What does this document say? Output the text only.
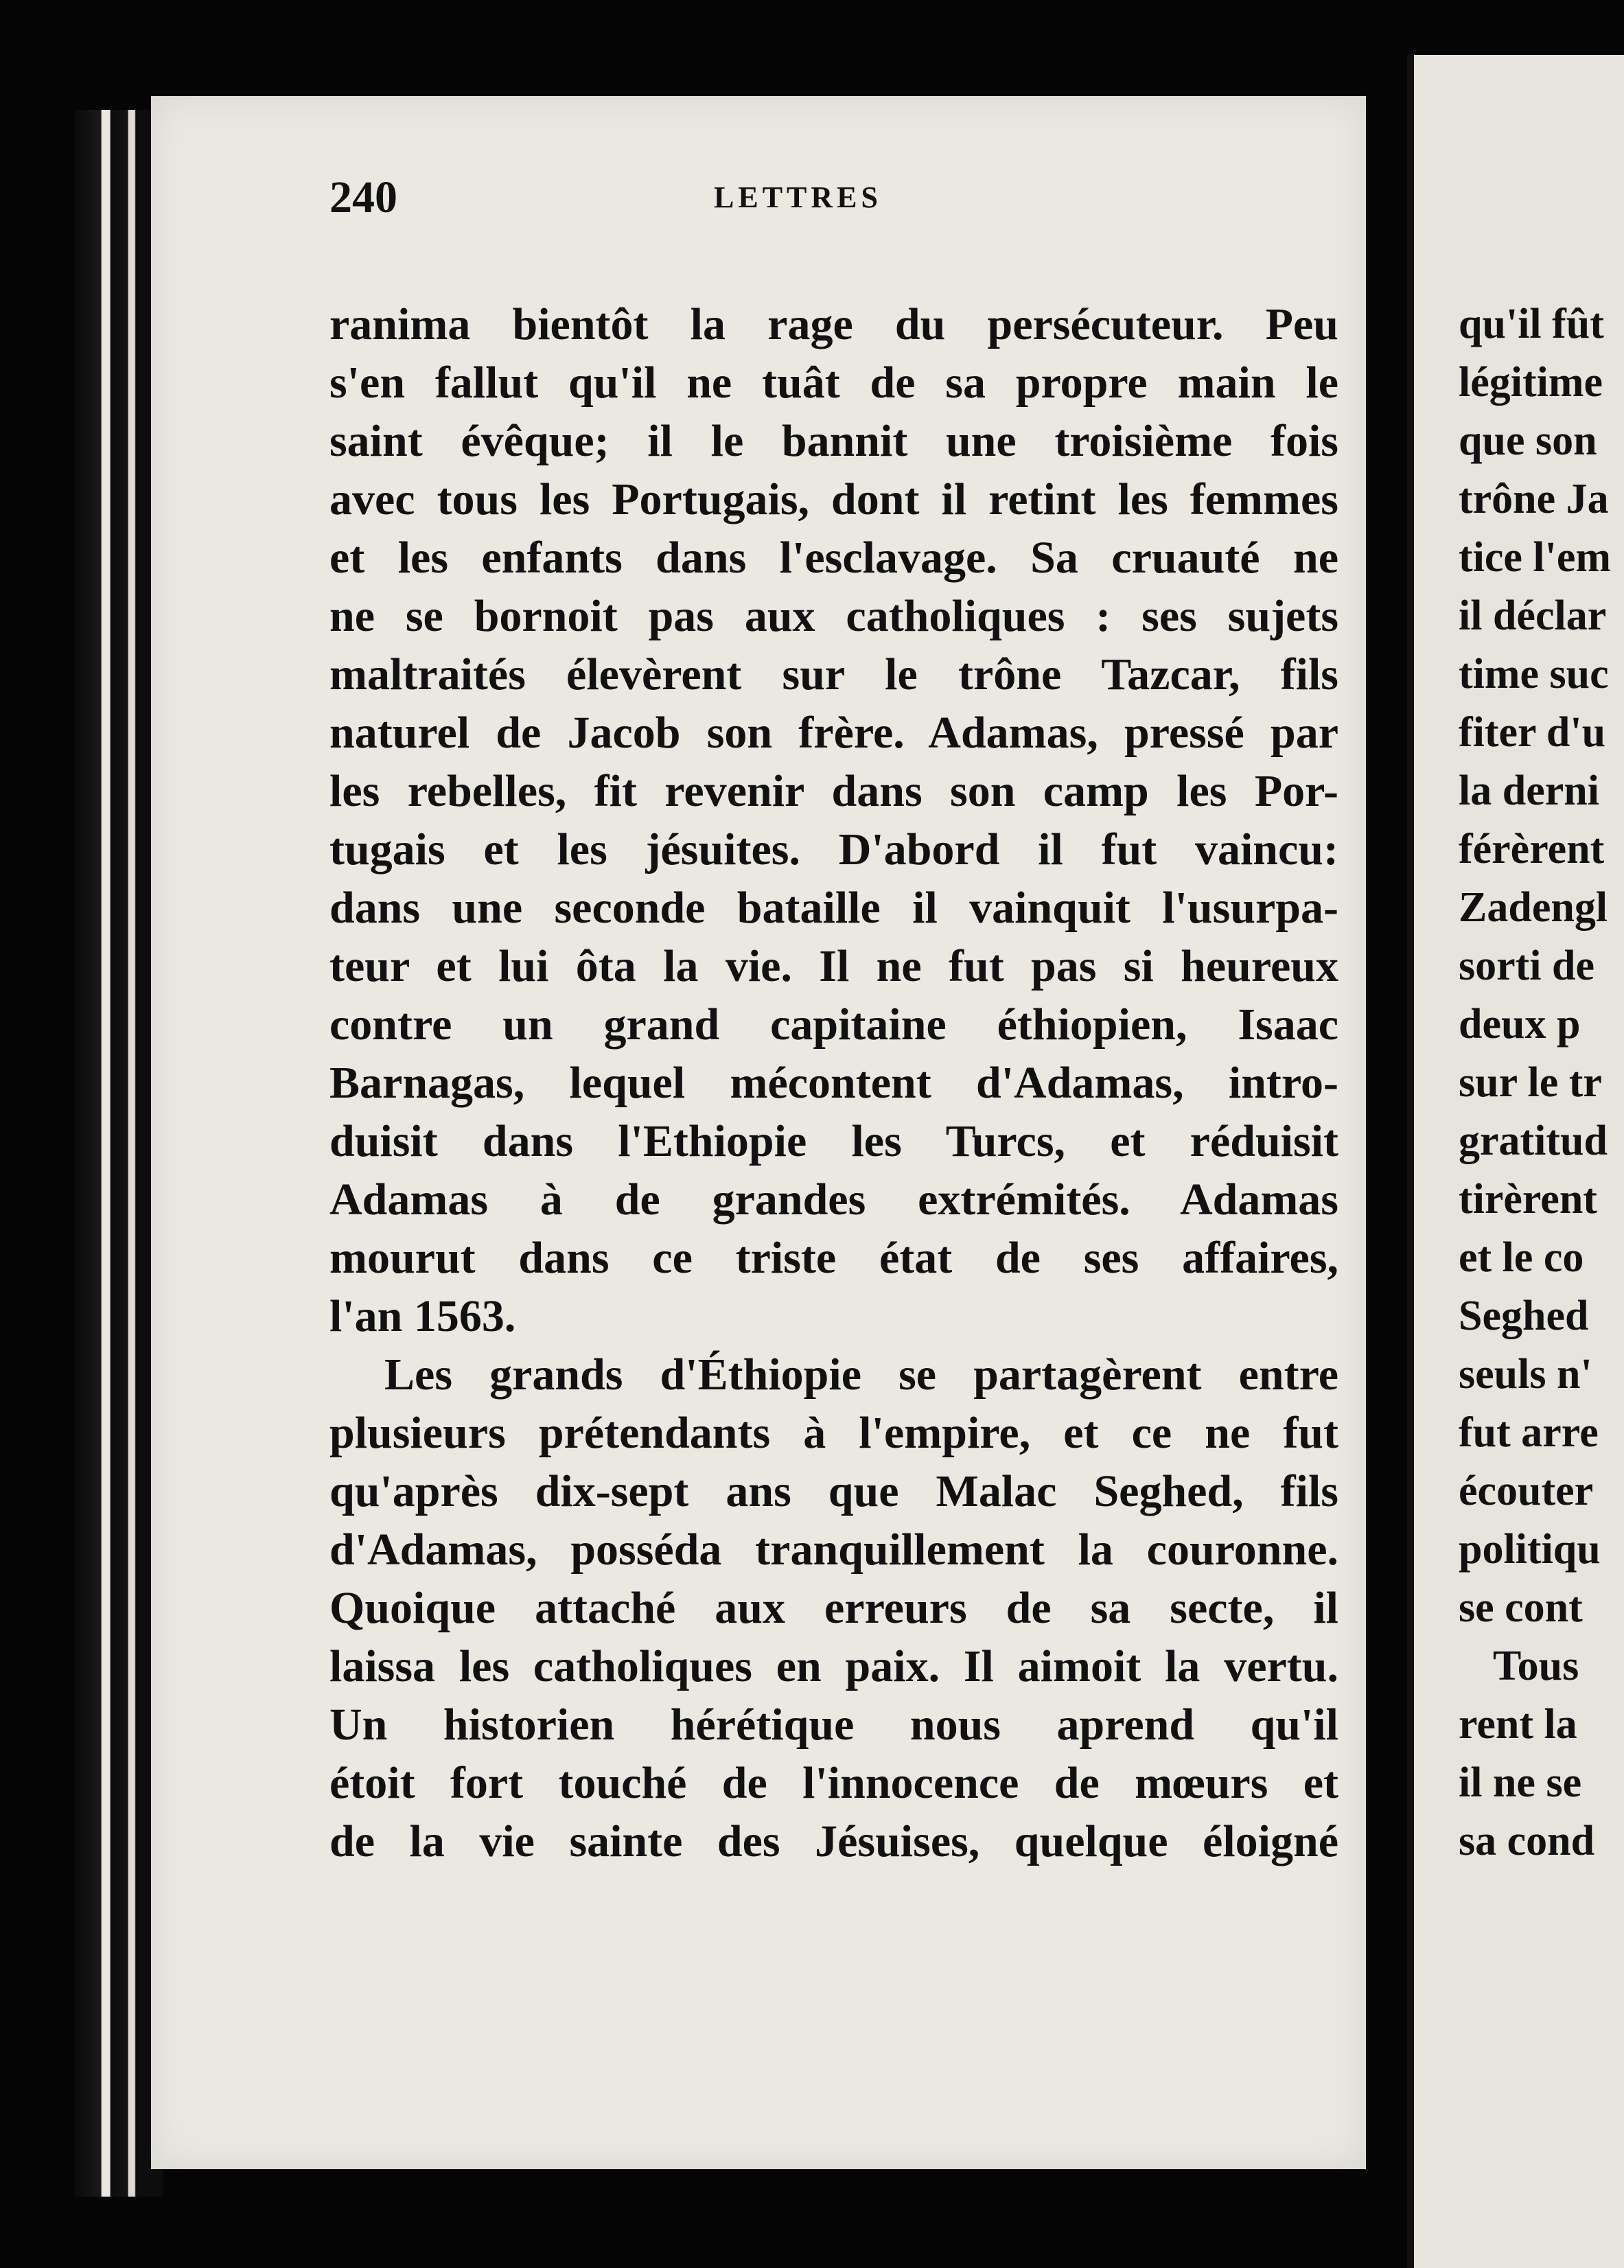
240	LETTRES
ranima bientôt la rage du persécuteur. Peu
s'en fallut qu'il ne tuât de sa propre main le
saint évêque; il le bannit une troisième fois
avec tous les Portugais, dont il retint les femmes
et les enfants dans l'esclavage. Sa cruauté ne
ne se bornoit pas aux catholiques : ses sujets
maltraités élevèrent sur le trône Tazcar, fils
naturel de Jacob son frère. Adamas, pressé par
les rebelles, fit revenir dans son camp les Por-
tugais et les jésuites. D'abord il fut vaincu:
dans une seconde bataille il vainquit l'usurpa-
teur et lui ôta la vie. Il ne fut pas si heureux
contre un grand capitaine éthiopien, Isaac
Barnagas, lequel mécontent d'Adamas, intro-
duisit dans l'Ethiopie les Turcs, et réduisit
Adamas à de grandes extrémités. Adamas
mourut dans ce triste état de ses affaires,
l'an 1563.
Les grands d'Éthiopie se partagèrent entre
plusieurs prétendants à l'empire, et ce ne fut
qu'après dix-sept ans que Malac Seghed, fils
d'Adamas, posséda tranquillement la couronne.
Quoique attaché aux erreurs de sa secte, il
laissa les catholiques en paix. Il aimoit la vertu.
Un historien hérétique nous aprend qu'il
étoit fort touché de l'innocence de mœurs et
de la vie sainte des Jésuises, quelque éloigné
qu'il fût
légitime
que son
trône Ja
tice l'em
il déclar
time suc
fiter d'u
la derni
férèrent
Zadengl
sorti de
deux p
sur le tr
gratitud
tirèrent
et le co
Seghed
seuls n'
fut arre
écouter
politiqu
se cont
Tous
rent la
il ne se
sa cond
